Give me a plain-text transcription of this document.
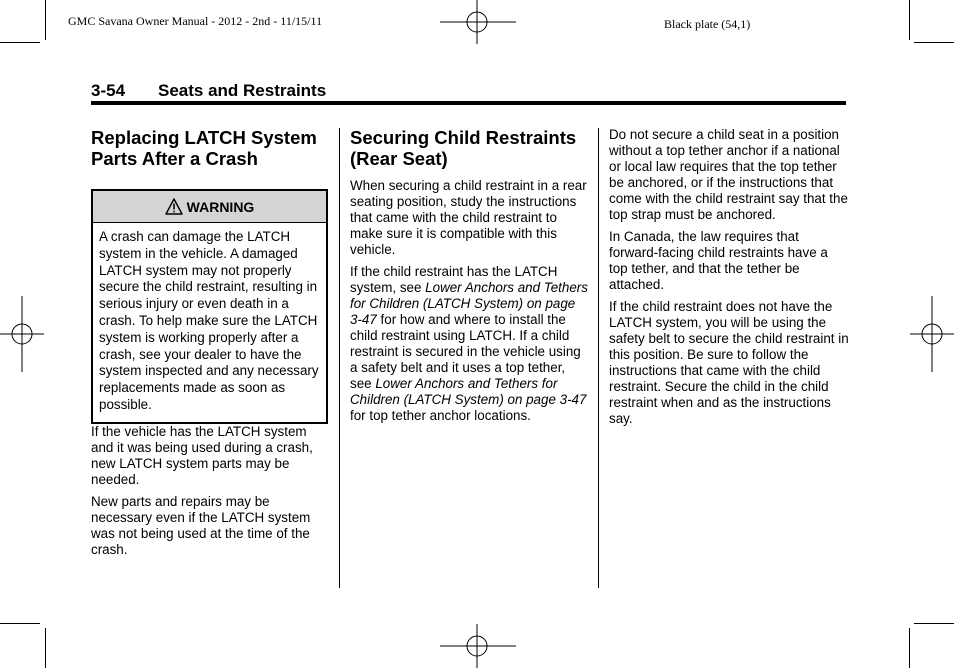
GMC Savana Owner Manual - 2012 - 2nd - 11/15/11	Black plate (54,1)
3-54 Seats and Restraints
Replacing LATCH System
Parts After a Crash
WARNING
A crash can damage the LATCH system in the vehicle. A damaged LATCH system may not properly secure the child restraint, resulting in serious injury or even death in a crash. To help make sure the LATCH system is working properly after a crash, see your dealer to have the system inspected and any necessary replacements made as soon as possible.

If the vehicle has the LATCH system and it was being used during a crash, new LATCH system parts may be needed.

New parts and repairs may be necessary even if the LATCH system was not being used at the time of the crash.

Securing Child Restraints
(Rear Seat)

When securing a child restraint in a rear seating position, study the instructions that came with the child restraint to make sure it is compatible with this vehicle.

If the child restraint has the LATCH system, see Lower Anchors and Tethers for Children (LATCH System) on page 3-47 for how and where to install the child restraint using LATCH. If a child restraint is secured in the vehicle using a safety belt and it uses a top tether, see Lower Anchors and Tethers for Children (LATCH System) on page 3-47 for top tether anchor locations.

Do not secure a child seat in a position without a top tether anchor if a national or local law requires that the top tether be anchored, or if the instructions that come with the child restraint say that the top strap must be anchored.

In Canada, the law requires that forward-facing child restraints have a top tether, and that the tether be attached.

If the child restraint does not have the LATCH system, you will be using the safety belt to secure the child restraint in this position. Be sure to follow the instructions that came with the child restraint. Secure the child in the child restraint when and as the instructions say.
